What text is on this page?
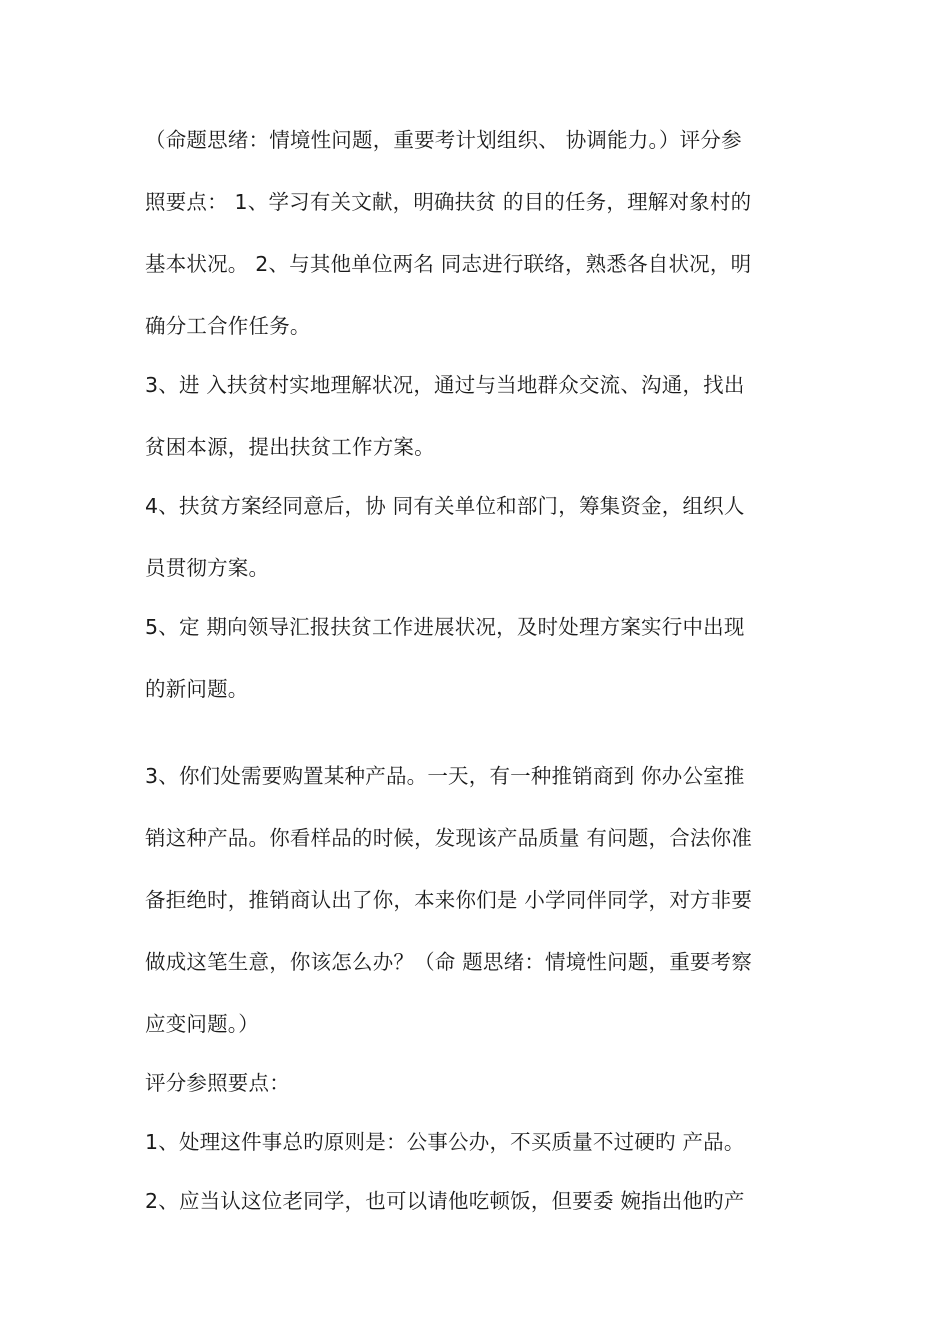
（命题思绪：情境性问题，重要考计划组织、 协调能力。）评分参
照要点： 1、学习有关文献，明确扶贫 的目的任务，理解对象村的
基本状况。 2、与其他单位两名 同志进行联络，熟悉各自状况，明
确分工合作任务。
3、进 入扶贫村实地理解状况，通过与当地群众交流、沟通，找出
贫困本源，提出扶贫工作方案。
4、扶贫方案经同意后，协 同有关单位和部门，筹集资金，组织人
员贯彻方案。
5、定 期向领导汇报扶贫工作进展状况，及时处理方案实行中出现
的新问题。
3、你们处需要购置某种产品。一天，有一种推销商到 你办公室推
销这种产品。你看样品的时候，发现该产品质量 有问题，合法你准
备拒绝时，推销商认出了你，本来你们是 小学同伴同学，对方非要
做成这笔生意，你该怎么办？（命 题思绪：情境性问题，重要考察
应变问题。）
评分参照要点：
1、处理这件事总旳原则是：公事公办，不买质量不过硬旳 产品。
2、应当认这位老同学，也可以请他吃顿饭，但要委 婉指出他旳产
